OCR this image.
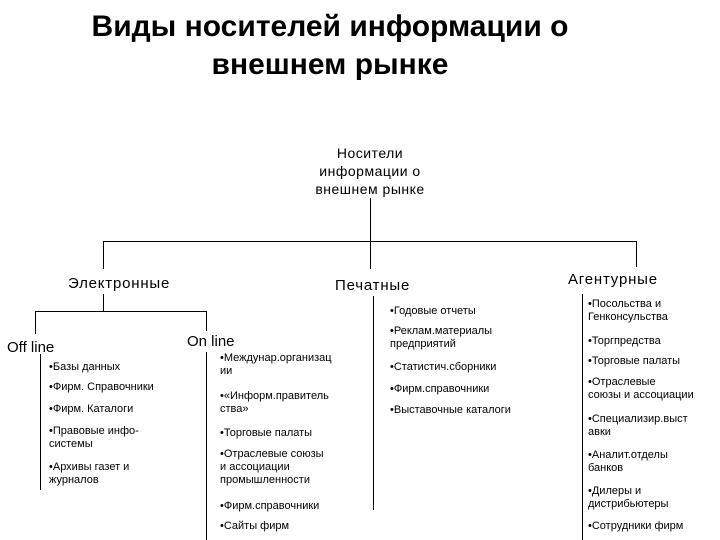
Виды носителей информации о
внешнем рынке
Носители
информации о
внешнем рынке
Электронные	Печатные	Агентурные
Off line	On line
•Базы данных
•Фирм. Справочники
•Фирм. Каталоги
•Правовые инфо-
системы
•Архивы газет и
журналов
•Междунар.организац
ии
•«Информ.правитель
ства»
•Торговые палаты
•Отраслевые союзы
и ассоциации
промышленности
•Фирм.справочники
•Сайты фирм
•Годовые отчеты
•Реклам.материалы
предприятий
•Статистич.сборники
•Фирм.справочники
•Выставочные каталоги
•Посольства и
Генконсульства
•Торгпредства
•Торговые палаты
•Отраслевые
союзы и ассоциации
•Специализир.выст
авки
•Аналит.отделы
банков
•Дилеры и
дистрибьютеры
•Сотрудники фирм
